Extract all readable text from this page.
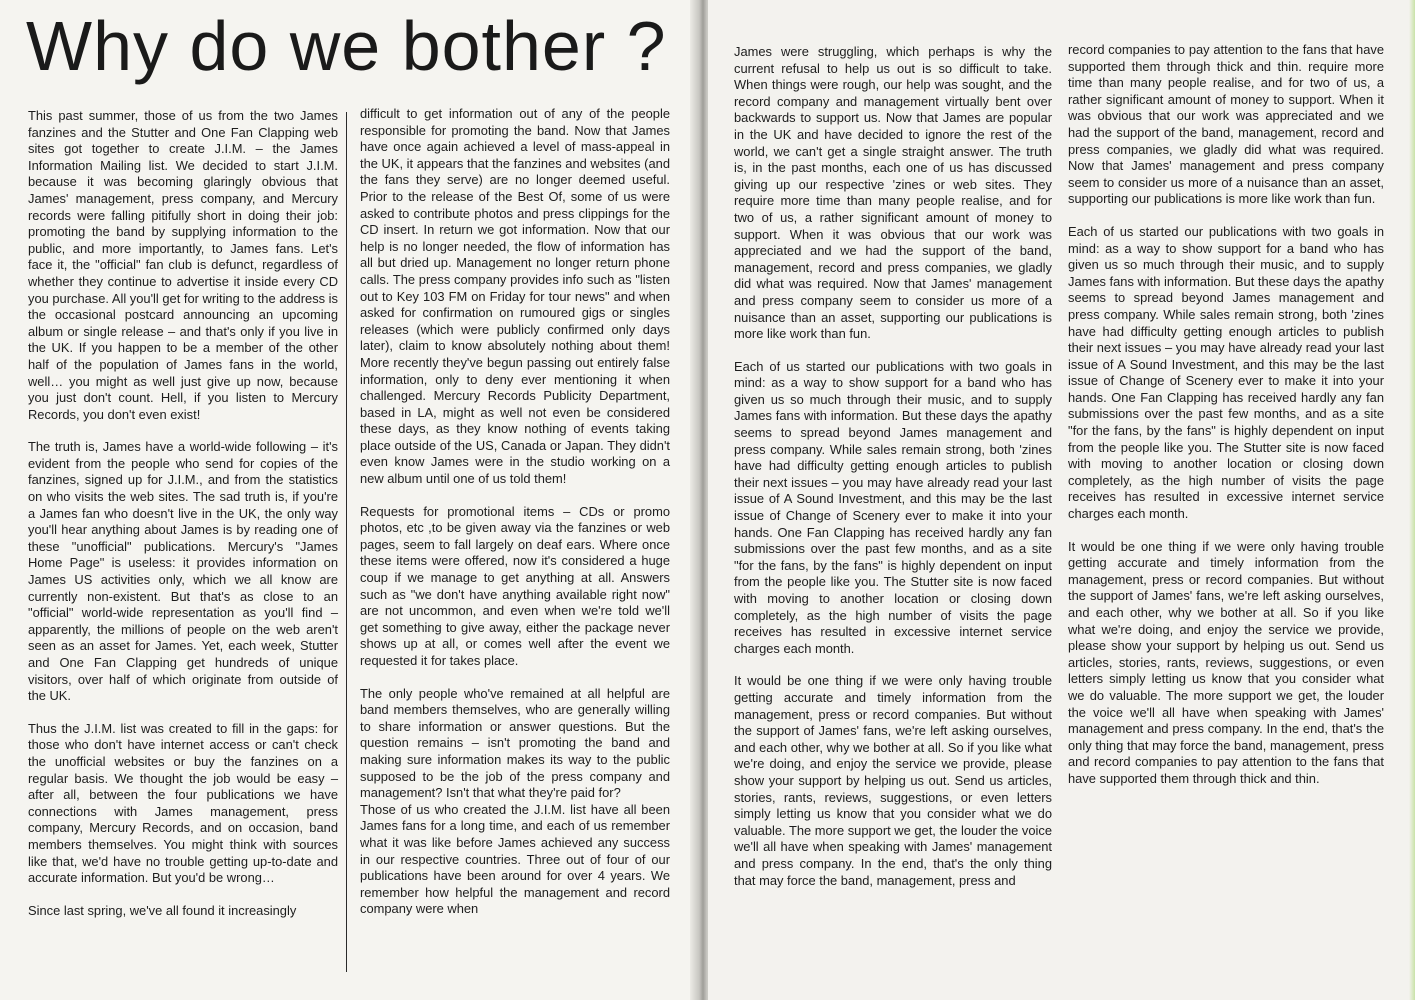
Why do we bother ?

This past summer, those of us from the two James fanzines and the Stutter and One Fan Clapping web sites got together to create J.I.M. – the James Information Mailing list. We decided to start J.I.M. because it was becoming glaringly obvious that James' management, press company, and Mercury records were falling pitifully short in doing their job: promoting the band by supplying information to the public, and more importantly, to James fans. Let's face it, the "official" fan club is defunct, regardless of whether they continue to advertise it inside every CD you purchase. All you'll get for writing to the address is the occasional postcard announcing an upcoming album or single release – and that's only if you live in the UK. If you happen to be a member of the other half of the population of James fans in the world, well… you might as well just give up now, because you just don't count. Hell, if you listen to Mercury Records, you don't even exist!

The truth is, James have a world-wide following – it's evident from the people who send for copies of the fanzines, signed up for J.I.M., and from the statistics on who visits the web sites. The sad truth is, if you're a James fan who doesn't live in the UK, the only way you'll hear anything about James is by reading one of these "unofficial" publications. Mercury's "James Home Page" is useless: it provides information on James US activities only, which we all know are currently non-existent. But that's as close to an "official" world-wide representation as you'll find – apparently, the millions of people on the web aren't seen as an asset for James. Yet, each week, Stutter and One Fan Clapping get hundreds of unique visitors, over half of which originate from outside of the UK.

Thus the J.I.M. list was created to fill in the gaps: for those who don't have internet access or can't check the unofficial websites or buy the fanzines on a regular basis. We thought the job would be easy – after all, between the four publications we have connections with James management, press company, Mercury Records, and on occasion, band members themselves. You might think with sources like that, we'd have no trouble getting up-to-date and accurate information. But you'd be wrong…

Since last spring, we've all found it increasingly

difficult to get information out of any of the people responsible for promoting the band. Now that James have once again achieved a level of mass-appeal in the UK, it appears that the fanzines and websites (and the fans they serve) are no longer deemed useful. Prior to the release of the Best Of, some of us were asked to contribute photos and press clippings for the CD insert. In return we got information. Now that our help is no longer needed, the flow of information has all but dried up. Management no longer return phone calls. The press company provides info such as "listen out to Key 103 FM on Friday for tour news" and when asked for confirmation on rumoured gigs or singles releases (which were publicly confirmed only days later), claim to know absolutely nothing about them! More recently they've begun passing out entirely false information, only to deny ever mentioning it when challenged. Mercury Records Publicity Department, based in LA, might as well not even be considered these days, as they know nothing of events taking place outside of the US, Canada or Japan. They didn't even know James were in the studio working on a new album until one of us told them!

Requests for promotional items – CDs or promo photos, etc ,to be given away via the fanzines or web pages, seem to fall largely on deaf ears. Where once these items were offered, now it's considered a huge coup if we manage to get anything at all. Answers such as "we don't have anything available right now" are not uncommon, and even when we're told we'll get something to give away, either the package never shows up at all, or comes well after the event we requested it for takes place.

The only people who've remained at all helpful are band members themselves, who are generally willing to share information or answer questions. But the question remains – isn't promoting the band and making sure information makes its way to the public supposed to be the job of the press company and management? Isn't that what they're paid for?

Those of us who created the J.I.M. list have all been James fans for a long time, and each of us remember what it was like before James achieved any success in our respective countries. Three out of four of our publications have been around for over 4 years. We remember how helpful the management and record company were when

James were struggling, which perhaps is why the current refusal to help us out is so difficult to take. When things were rough, our help was sought, and the record company and management virtually bent over backwards to support us. Now that James are popular in the UK and have decided to ignore the rest of the world, we can't get a single straight answer. The truth is, in the past months, each one of us has discussed giving up our respective 'zines or web sites. They require more time than many people realise, and for two of us, a rather significant amount of money to support. When it was obvious that our work was appreciated and we had the support of the band, management, record and press companies, we gladly did what was required. Now that James' management and press company seem to consider us more of a nuisance than an asset, supporting our publications is more like work than fun.

Each of us started our publications with two goals in mind: as a way to show support for a band who has given us so much through their music, and to supply James fans with information. But these days the apathy seems to spread beyond James management and press company. While sales remain strong, both 'zines have had difficulty getting enough articles to publish their next issues – you may have already read your last issue of A Sound Investment, and this may be the last issue of Change of Scenery ever to make it into your hands. One Fan Clapping has received hardly any fan submissions over the past few months, and as a site "for the fans, by the fans" is highly dependent on input from the people like you. The Stutter site is now faced with moving to another location or closing down completely, as the high number of visits the page receives has resulted in excessive internet service charges each month.

It would be one thing if we were only having trouble getting accurate and timely information from the management, press or record companies. But without the support of James' fans, we're left asking ourselves, and each other, why we bother at all. So if you like what we're doing, and enjoy the service we provide, please show your support by helping us out. Send us articles, stories, rants, reviews, suggestions, or even letters simply letting us know that you consider what we do valuable. The more support we get, the louder the voice we'll all have when speaking with James' management and press company. In the end, that's the only thing that may force the band, management, press and

record companies to pay attention to the fans that have supported them through thick and thin. require more time than many people realise, and for two of us, a rather significant amount of money to support. When it was obvious that our work was appreciated and we had the support of the band, management, record and press companies, we gladly did what was required. Now that James' management and press company seem to consider us more of a nuisance than an asset, supporting our publications is more like work than fun.

Each of us started our publications with two goals in mind: as a way to show support for a band who has given us so much through their music, and to supply James fans with information. But these days the apathy seems to spread beyond James management and press company. While sales remain strong, both 'zines have had difficulty getting enough articles to publish their next issues – you may have already read your last issue of A Sound Investment, and this may be the last issue of Change of Scenery ever to make it into your hands. One Fan Clapping has received hardly any fan submissions over the past few months, and as a site "for the fans, by the fans" is highly dependent on input from the people like you. The Stutter site is now faced with moving to another location or closing down completely, as the high number of visits the page receives has resulted in excessive internet service charges each month.

It would be one thing if we were only having trouble getting accurate and timely information from the management, press or record companies. But without the support of James' fans, we're left asking ourselves, and each other, why we bother at all. So if you like what we're doing, and enjoy the service we provide, please show your support by helping us out. Send us articles, stories, rants, reviews, suggestions, or even letters simply letting us know that you consider what we do valuable. The more support we get, the louder the voice we'll all have when speaking with James' management and press company. In the end, that's the only thing that may force the band, management, press and record companies to pay attention to the fans that have supported them through thick and thin.
